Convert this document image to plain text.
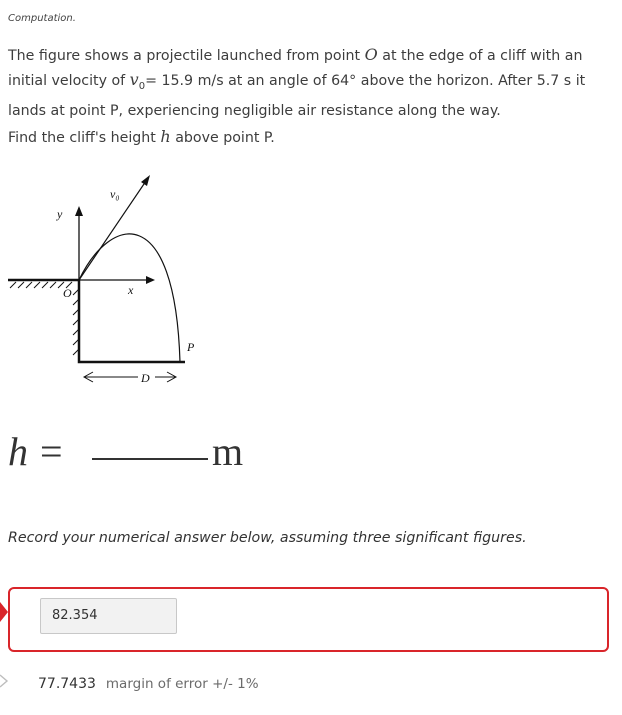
Computation.
The figure shows a projectile launched from point O at the edge of a cliff with an initial velocity of $v_0= 15.9$ m/s at an angle of 64° above the horizon. After 5.7 s it lands at point P, experiencing negligible air resistance along the way.
Find the cliff's height h above point P.
v₀
y
x
O
P
D
h =	m
Record your numerical answer below, assuming three significant figures.
82.354
77.7433 margin of error +/- 1%
